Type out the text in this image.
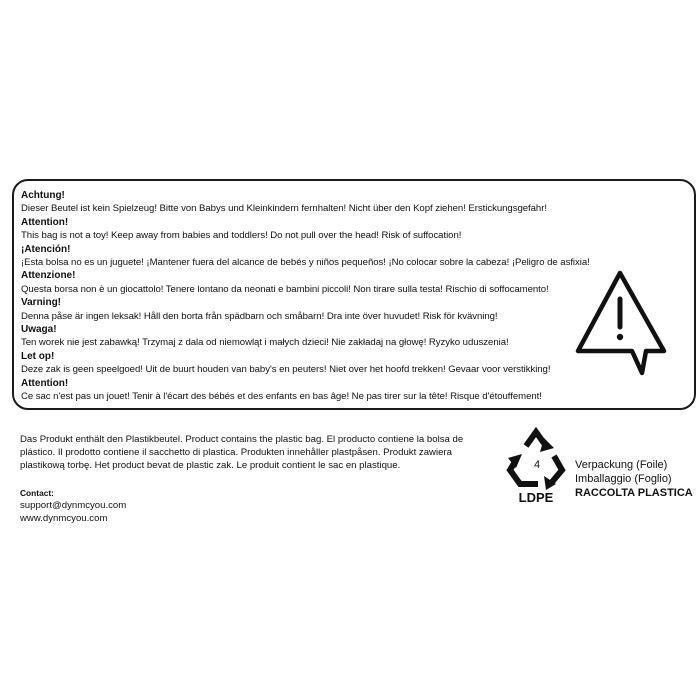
Achtung!
Dieser Beutel ist kein Spielzeug! Bitte von Babys und Kleinkindern fernhalten! Nicht über den Kopf ziehen! Erstickungsgefahr!
Attention!
This bag is not a toy! Keep away from babies and toddlers! Do not pull over the head! Risk of suffocation!
¡Atención!
¡Esta bolsa no es un juguete! ¡Mantener fuera del alcance de bebés y niños pequeños! ¡No colocar sobre la cabeza! ¡Peligro de asfixia!
Attenzione!
Questa borsa non è un giocattolo! Tenere lontano da neonati e bambini piccoli! Non tirare sulla testa! Rischio di soffocamento!
Varning!
Denna påse är ingen leksak! Håll den borta från spädbarn och småbarn! Dra inte över huvudet! Risk för kvävning!
Uwaga!
Ten worek nie jest zabawką! Trzymaj z dala od niemowląt i małych dzieci! Nie zakładaj na głowę! Ryzyko uduszenia!
Let op!
Deze zak is geen speelgoed! Uit de buurt houden van baby's en peuters! Niet over het hoofd trekken! Gevaar voor verstikking!
Attention!
Ce sac n'est pas un jouet! Tenir à l'écart des bébés et des enfants en bas âge! Ne pas tirer sur la tête! Risque d'étouffement!
Das Produkt enthält den Plastikbeutel. Product contains the plastic bag. El producto contiene la bolsa de
plástico. Il prodotto contiene il sacchetto di plastica. Produkten innehåller plastpåsen. Produkt zawiera
plastikową torbę. Het product bevat de plastic zak. Le produit contient le sac en plastique.
Contact:
support@dynmcyou.com
www.dynmcyou.com
4
LDPE
Verpackung (Foile)
Imballaggio (Foglio)
RACCOLTA PLASTICA
